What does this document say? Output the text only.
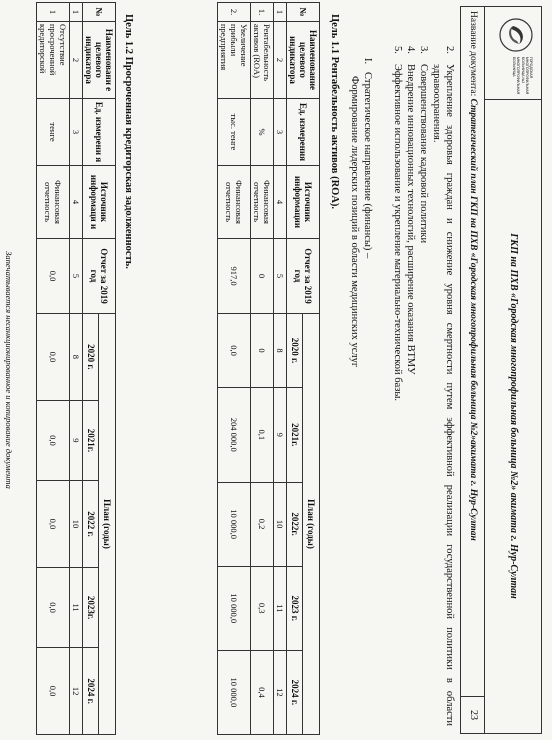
ГОРОДСКАЯ МНОГОПРОФИЛЬНАЯ БОЛЬНИЦА №2
МНОГОПРОФИЛЬНАЯ БОЛЬНИЦА
ГКП на ПХВ «Городская многопрофильная больница №2» акимата г. Нур-Султан
Название документа: Стратегический план ГКП на ПХВ «Городская многопрофильная больница №2»акимата г. Нур-Султан
23
2.
Укрепление здоровья граждан и снижение уровня смертности путем эффективной реализации государственной политики в области здравоохранения.
3.
Совершенствование кадровой политики
4.
Внедрение инновационных технологий, расширение оказания ВТМУ
5.
Эффективное использование и укрепление материально-технической базы.
I.   Стратегическое направление (финансы) –
Формирование лидерских позиций в области медицинских услуг
Цель 1.1 Рентабельность активов (ROA).
№	Наименование целевого индикатора	Ед. измерения	Источник информации	Отчет за 2019 год	План (годы)				
					2020 г.	2021г.	2022г.	2023 г.	2024 г.
1	2	3	4	5	8	9	10	11	12
1.	Рентабельность активов (ROA)	%	Финансовая отчетность	0	0	0,1	0,2	0,3	0,4
2.	Увеличение прибыли предприятия	тыс. тенге	Финансовая отчетность	917,0	0,0	204 000,0	10 000,0	10 000,0	10 000,0
Цель 1.2 Просроченная кредиторская задолженность.
№	Наименовани е целевого индикатора	Ед. измерени я	Источник информаци и	Отчет за 2019 год	План (годы)				
					2020 г.	2021г.	2022 г.	2023г.	2024 г.
1	2	3	4	5	8	9	10	11	12
1	Отсутствие просроченной кредиторской	тенге	Финансовая отчетность	0,0	0,0	0,0	0,0	0,0	0,0
Запечатывается несанкционированное и копирование документа
